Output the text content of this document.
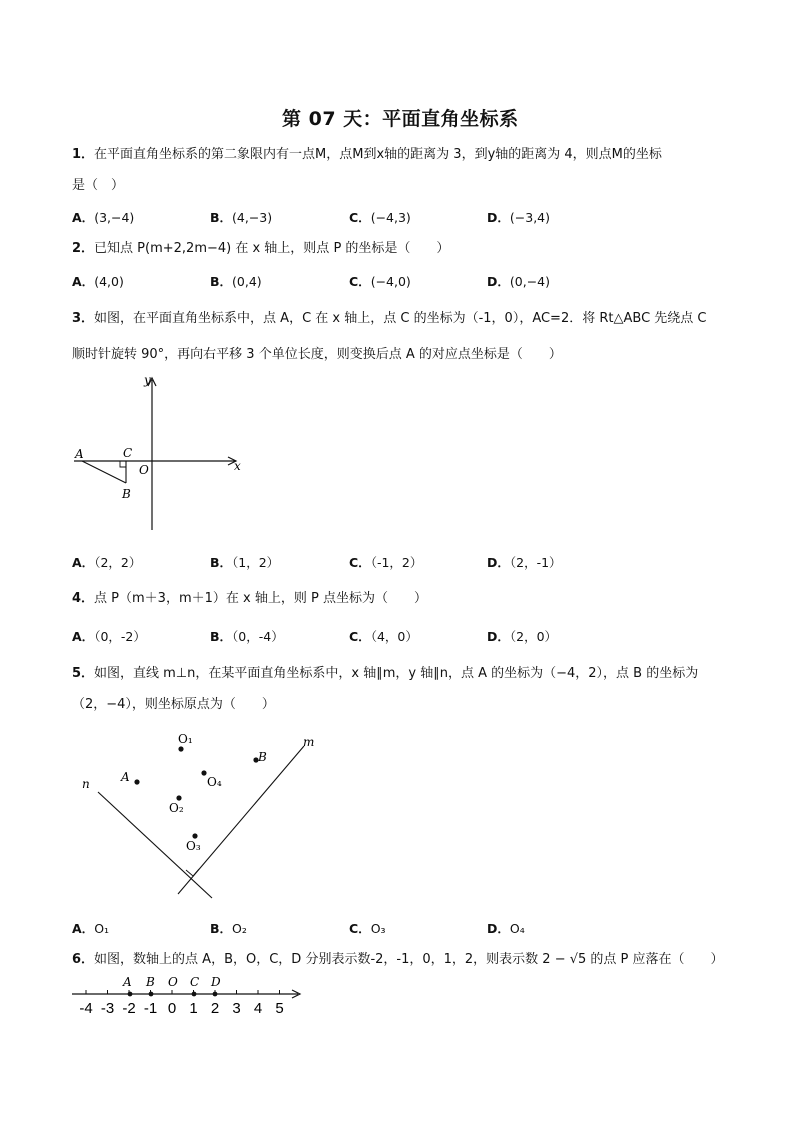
第 07 天：平面直角坐标系
1．在平面直角坐标系的第二象限内有一点M，点M到x轴的距离为 3，到y轴的距离为 4，则点M的坐标
是（　）
A．(3,−4)	B．(4,−3)	C．(−4,3)	D．(−3,4)
2．已知点 P(m+2,2m−4) 在 x 轴上，则点 P 的坐标是（　　）
A．(4,0)	B．(0,4)	C．(−4,0)	D．(0,−4)
3．如图，在平面直角坐标系中，点 A，C 在 x 轴上，点 C 的坐标为（-1，0），AC=2．将 Rt△ABC 先绕点 C
顺时针旋转 90°，再向右平移 3 个单位长度，则变换后点 A 的对应点坐标是（　　）
y
x
A	C
O
B
A．（2，2）	B．（1，2）	C．（-1，2）	D．（2，-1）
4．点 P（m＋3，m＋1）在 x 轴上，则 P 点坐标为（　　）
A．（0，-2）	B．（0，-4）	C．（4，0）	D．（2，0）
5．如图，直线 m⊥n，在某平面直角坐标系中，x 轴∥m，y 轴∥n，点 A 的坐标为（−4，2），点 B 的坐标为
（2，−4），则坐标原点为（　　）
m
n
O₁
B
A	O₄
O₂
O₃
A．O₁	B．O₂	C．O₃	D．O₄
6．如图，数轴上的点 A，B，O，C，D 分别表示数-2，-1，0，1，2，则表示数 2 − √5 的点 P 应落在（　　）
-4 -3 -2 -1 0 1 2 3 4 5
A B O C D
